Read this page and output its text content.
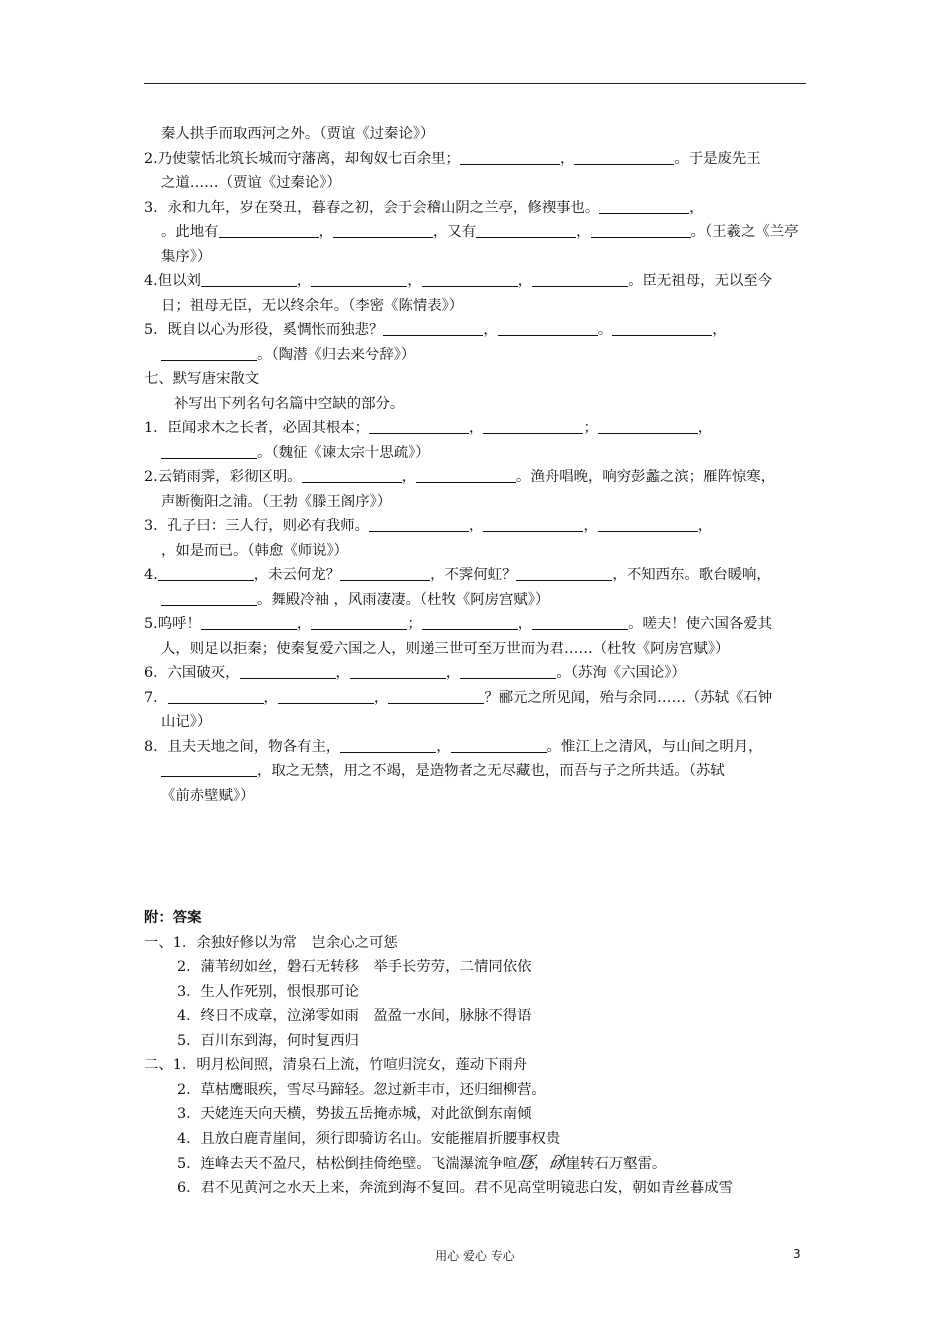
秦人拱手而取西河之外。（贾谊《过秦论》）
2.乃使蒙恬北筑长城而守藩离，却匈奴七百余里；	，	。于是废先王
之道……（贾谊《过秦论》）
3．永和九年，岁在癸丑，暮春之初，会于会稽山阴之兰亭，修禊事也。	，
。此地有	，	，又有	，	。（王羲之《兰亭
集序》）
4.但以刘	，	，	，	。臣无祖母，无以至今
日；祖母无臣，无以终余年。（李密《陈情表》）
5．既自以心为形役，奚惆怅而独悲？	，	。	，
。（陶潜《归去来兮辞》）
七、默写唐宋散文
补写出下列名句名篇中空缺的部分。
1．臣闻求木之长者，必固其根本；	，	；	，
。（魏征《谏太宗十思疏》）
2.云销雨霁，彩彻区明。	，	。渔舟唱晚，响穷彭蠡之滨；雁阵惊寒，
声断衡阳之浦。（王勃《滕王阁序》）
3．孔子曰：三人行，则必有我师。	，	，	，
，如是而已。（韩愈《师说》）
4.	，未云何龙？	，不霁何虹？	，不知西东。歌台暖响，
。舞殿冷袖 ，风雨凄凄。（杜牧《阿房宫赋》）
5.呜呼！	，	；	，	。嗟夫！使六国各爱其
人，则足以拒秦；使秦复爱六国之人，则递三世可至万世而为君……（杜牧《阿房宫赋》）
6．六国破灭，	，	，	。（苏洵《六国论》）
7．	，	，	？郦元之所见闻，殆与余同……（苏轼《石钟
山记》）
8．且夫天地之间，物各有主，	，	。惟江上之清风，与山间之明月，
，取之无禁，用之不竭，是造物者之无尽藏也，而吾与子之所共适。（苏轼
《前赤壁赋》）
附：答案
一、1．余独好修以为常　岂余心之可惩
2．蒲苇纫如丝，磐石无转移　举手长劳劳，二情同依依
3．生人作死别，恨恨那可论
4．终日不成章，泣涕零如雨　盈盈一水间，脉脉不得语
5．百川东到海，何时复西归
二、1．明月松间照，清泉石上流，竹喧归浣女，莲动下雨舟
2．草枯鹰眼疾，雪尽马蹄轻。忽过新丰市，还归细柳营。
3．天姥连天向天横，势拔五岳掩赤城，对此欲倒东南倾
4．且放白鹿青崖间，须行即骑访名山。安能摧眉折腰事权贵
5．连峰去天不盈尺，枯松倒挂倚绝壁。飞湍瀑流争喧豗，砯崖转石万壑雷。
6．君不见黄河之水天上来，奔流到海不复回。君不见高堂明镜悲白发，朝如青丝暮成雪
用心 爱心 专心	3
